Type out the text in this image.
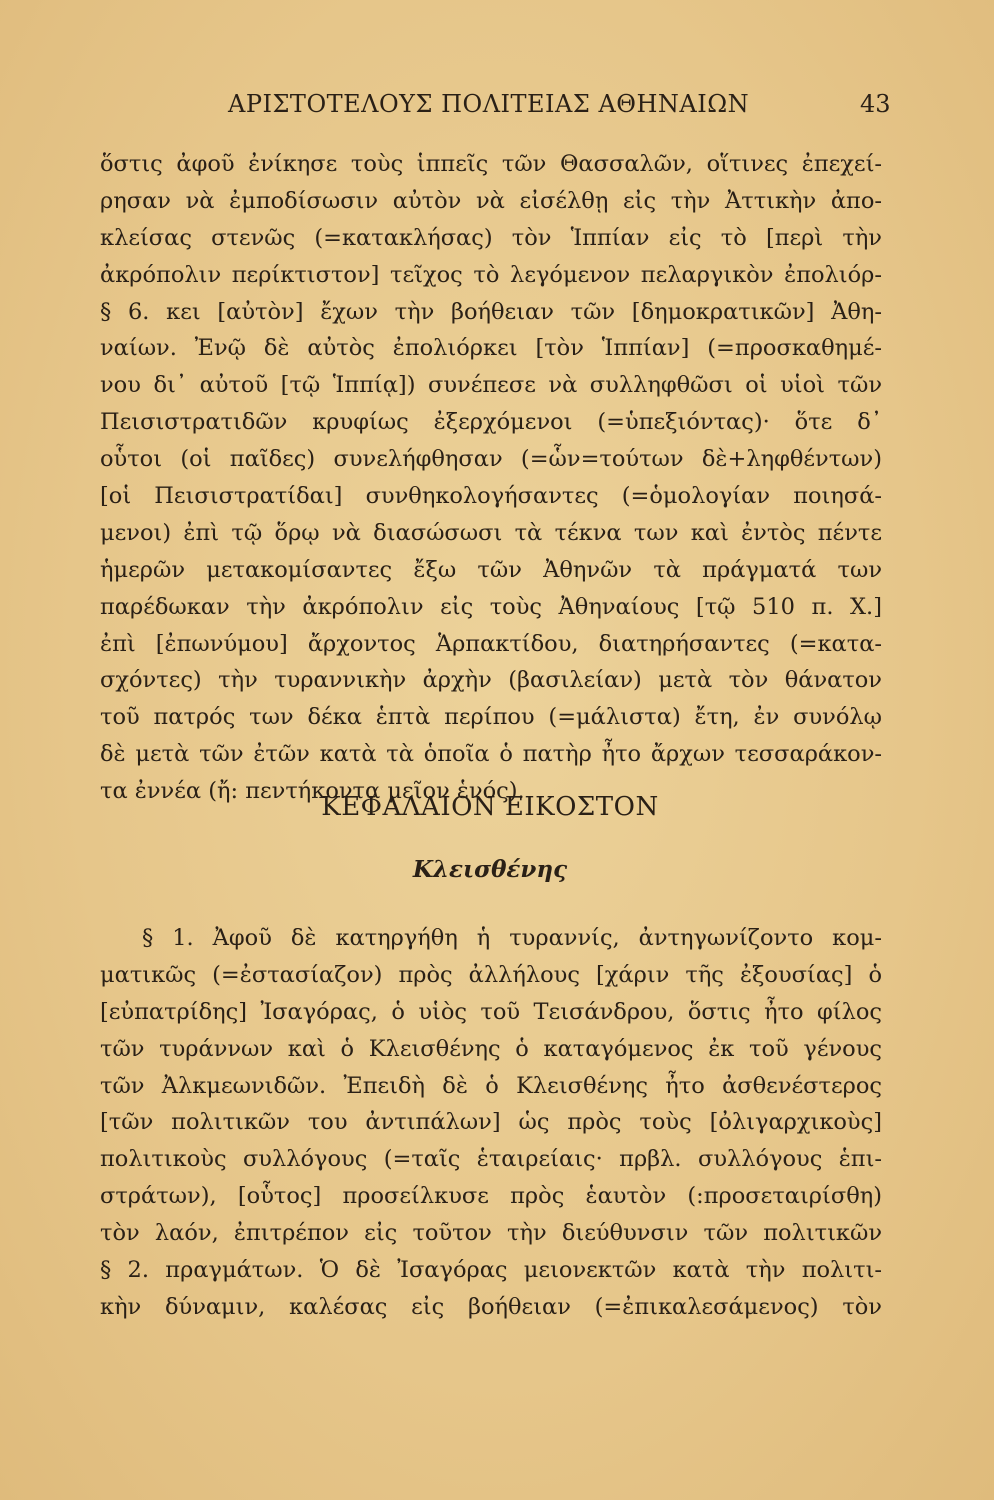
ΑΡΙΣΤΟΤΕΛΟΥΣ ΠΟΛΙΤΕΙΑΣ ΑΘΗΝΑΙΩΝ	43
ὅστις ἀφοῦ ἐνίκησε τοὺς ἱππεῖς τῶν Θασσαλῶν, οἵτινες ἐπεχεί-
ρησαν νὰ ἐμποδίσωσιν αὐτὸν νὰ εἰσέλθῃ εἰς τὴν Ἀττικὴν ἀπο-
κλείσας στενῶς (=κατακλήσας) τὸν Ἱππίαν εἰς τὸ [περὶ τὴν
ἀκρόπολιν περίκτιστον] τεῖχος τὸ λεγόμενον πελαργικὸν ἐπολιόρ-
§ 6. κει [αὐτὸν] ἔχων τὴν βοήθειαν τῶν [δημοκρατικῶν] Ἀθη-
ναίων. Ἐνῷ δὲ αὐτὸς ἐπολιόρκει [τὸν Ἱππίαν] (=προσκαθημέ-
νου δι᾿ αὐτοῦ [τῷ Ἱππίᾳ]) συνέπεσε νὰ συλληφθῶσι οἱ υἱοὶ τῶν
Πεισιστρατιδῶν κρυφίως ἐξερχόμενοι (=ὑπεξιόντας)· ὅτε δ᾿
οὗτοι (οἱ παῖδες) συνελήφθησαν (=ὧν=τούτων δὲ+ληφθέντων)
[οἱ Πεισιστρατίδαι] συνθηκολογήσαντες (=ὁμολογίαν ποιησά-
μενοι) ἐπὶ τῷ ὅρῳ νὰ διασώσωσι τὰ τέκνα των καὶ ἐντὸς πέντε
ἡμερῶν μετακομίσαντες ἔξω τῶν Ἀθηνῶν τὰ πράγματά των
παρέδωκαν τὴν ἀκρόπολιν εἰς τοὺς Ἀθηναίους [τῷ 510 π. Χ.]
ἐπὶ [ἐπωνύμου] ἄρχοντος Ἁρπακτίδου, διατηρήσαντες (=κατα-
σχόντες) τὴν τυραννικὴν ἀρχὴν (βασιλείαν) μετὰ τὸν θάνατον
τοῦ πατρός των δέκα ἑπτὰ περίπου (=μάλιστα) ἔτη, ἐν συνόλῳ
δὲ μετὰ τῶν ἐτῶν κατὰ τὰ ὁποῖα ὁ πατὴρ ἦτο ἄρχων τεσσαράκον-
τα ἐννέα (ἤ: πεντήκοντα μεῖον ἑνός).
ΚΕΦΑΛΑΙΟΝ ΕΙΚΟΣΤΟΝ
Κλεισθένης
§ 1. Ἀφοῦ δὲ κατηργήθη ἡ τυραννίς, ἀντηγωνίζοντο κομ-
ματικῶς (=ἐστασίαζον) πρὸς ἀλλήλους [χάριν τῆς ἐξουσίας] ὁ
[εὐπατρίδης] Ἰσαγόρας, ὁ υἱὸς τοῦ Τεισάνδρου, ὅστις ἦτο φίλος
τῶν τυράννων καὶ ὁ Κλεισθένης ὁ καταγόμενος ἐκ τοῦ γένους
τῶν Ἀλκμεωνιδῶν. Ἐπειδὴ δὲ ὁ Κλεισθένης ἦτο ἀσθενέστερος
[τῶν πολιτικῶν του ἀντιπάλων] ὡς πρὸς τοὺς [ὀλιγαρχικοὺς]
πολιτικοὺς συλλόγους (=ταῖς ἑταιρείαις· πρβλ. συλλόγους ἑπι-
στράτων), [οὗτος] προσείλκυσε πρὸς ἑαυτὸν (:προσεταιρίσθη)
τὸν λαόν, ἐπιτρέπον εἰς τοῦτον τὴν διεύθυνσιν τῶν πολιτικῶν
§ 2. πραγμάτων. Ὁ δὲ Ἰσαγόρας μειονεκτῶν κατὰ τὴν πολιτι-
κὴν δύναμιν, καλέσας εἰς βοήθειαν (=ἐπικαλεσάμενος) τὸν
